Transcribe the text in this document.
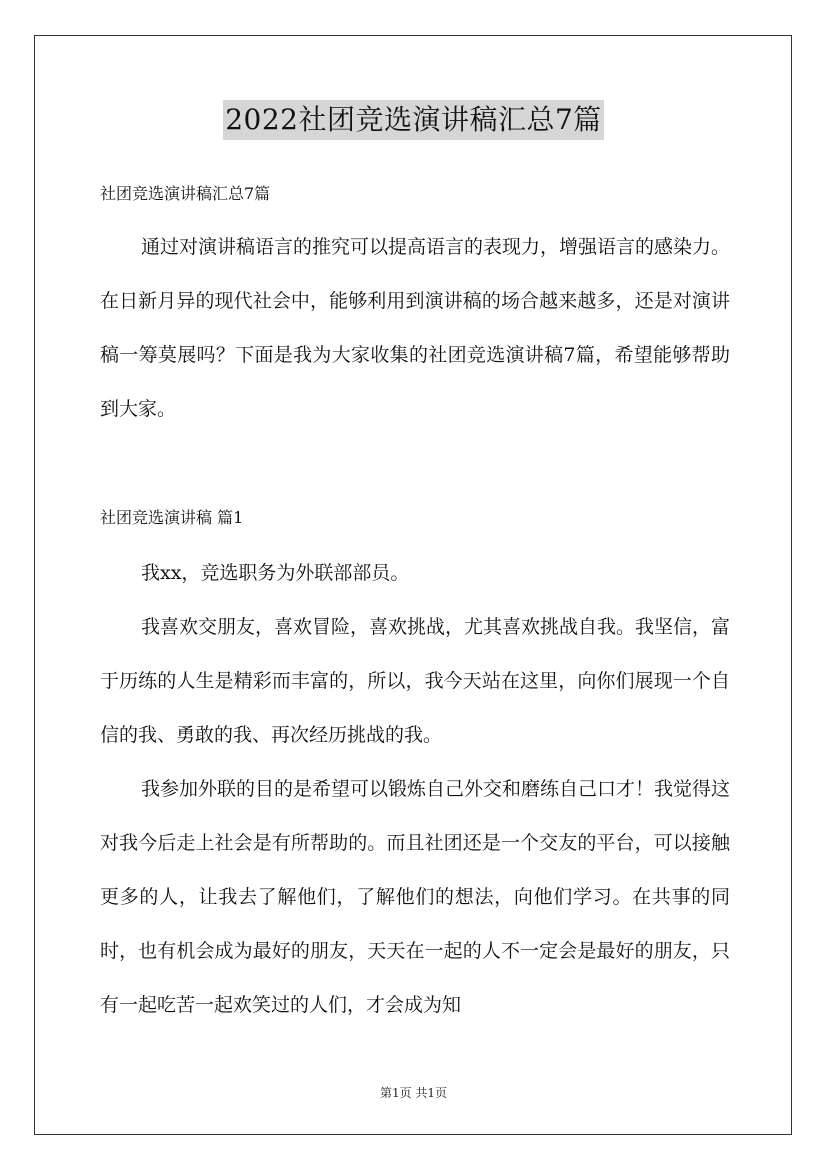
2022社团竞选演讲稿汇总7篇
社团竞选演讲稿汇总7篇

通过对演讲稿语言的推究可以提高语言的表现力，增强语言的感染力。在日新月异的现代社会中，能够利用到演讲稿的场合越来越多，还是对演讲稿一筹莫展吗？下面是我为大家收集的社团竞选演讲稿7篇，希望能够帮助到大家。

社团竞选演讲稿 篇1

我xx，竞选职务为外联部部员。

我喜欢交朋友，喜欢冒险，喜欢挑战，尤其喜欢挑战自我。我坚信，富于历练的人生是精彩而丰富的，所以，我今天站在这里，向你们展现一个自信的我、勇敢的我、再次经历挑战的我。

我参加外联的目的是希望可以锻炼自己外交和磨练自己口才！我觉得这对我今后走上社会是有所帮助的。而且社团还是一个交友的平台，可以接触更多的人，让我去了解他们，了解他们的想法，向他们学习。在共事的同时，也有机会成为最好的朋友，天天在一起的人不一定会是最好的朋友，只有一起吃苦一起欢笑过的人们，才会成为知

第1页 共1页
